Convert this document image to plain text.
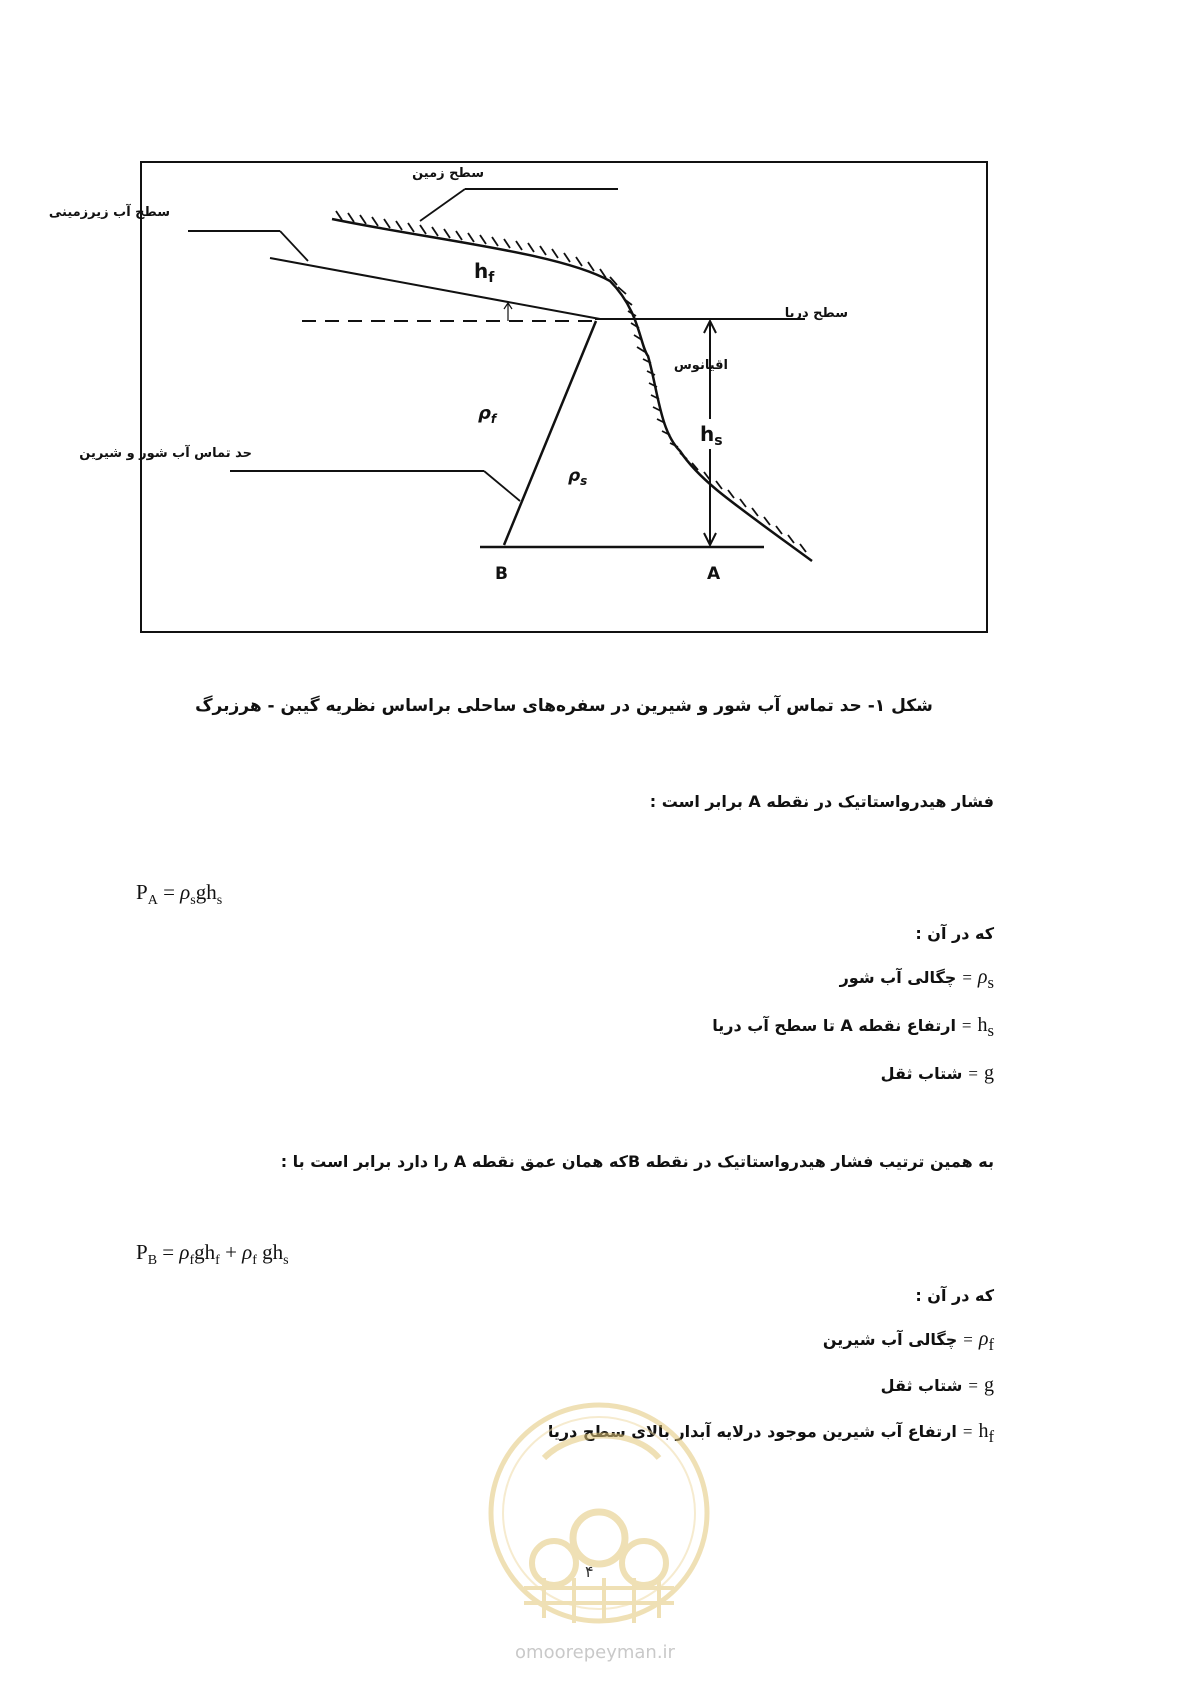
سطح زمین
سطح آب زیرزمینی
سطح دریا
اقیانوس
$h_f$
حد تماس آب شور و شیرین
$\rho_f$
$\rho_s$
$h_s$
B	A
شکل ۱- حد تماس آب شور و شیرین در سفره‌های ساحلی براساس نظریه گیبن - هرزبرگ
فشار هیدرواستاتیک در نقطه A برابر است :
$P_A = \rho_sgh_s$
که در آن :
$\rho_s=چگالی$ آب شور
$h_s=ارتفاع$ نقطه A تا سطح آب دریا
g=شتاب ثقل
به همین ترتیب فشار هیدرواستاتیک در نقطه Bکه همان عمق نقطه A را دارد برابر است با :
$P_B = \rho_fgh_f + \rho_f$ $gh_s$
که در آن :
$\rho_f=چگالی$ آب شیرین
g=شتاب ثقل
$h_f=ارتفاع$ آب شیرین موجود درلایه آبدار بالای سطح دریا
۴
omoorepeyman.ir
